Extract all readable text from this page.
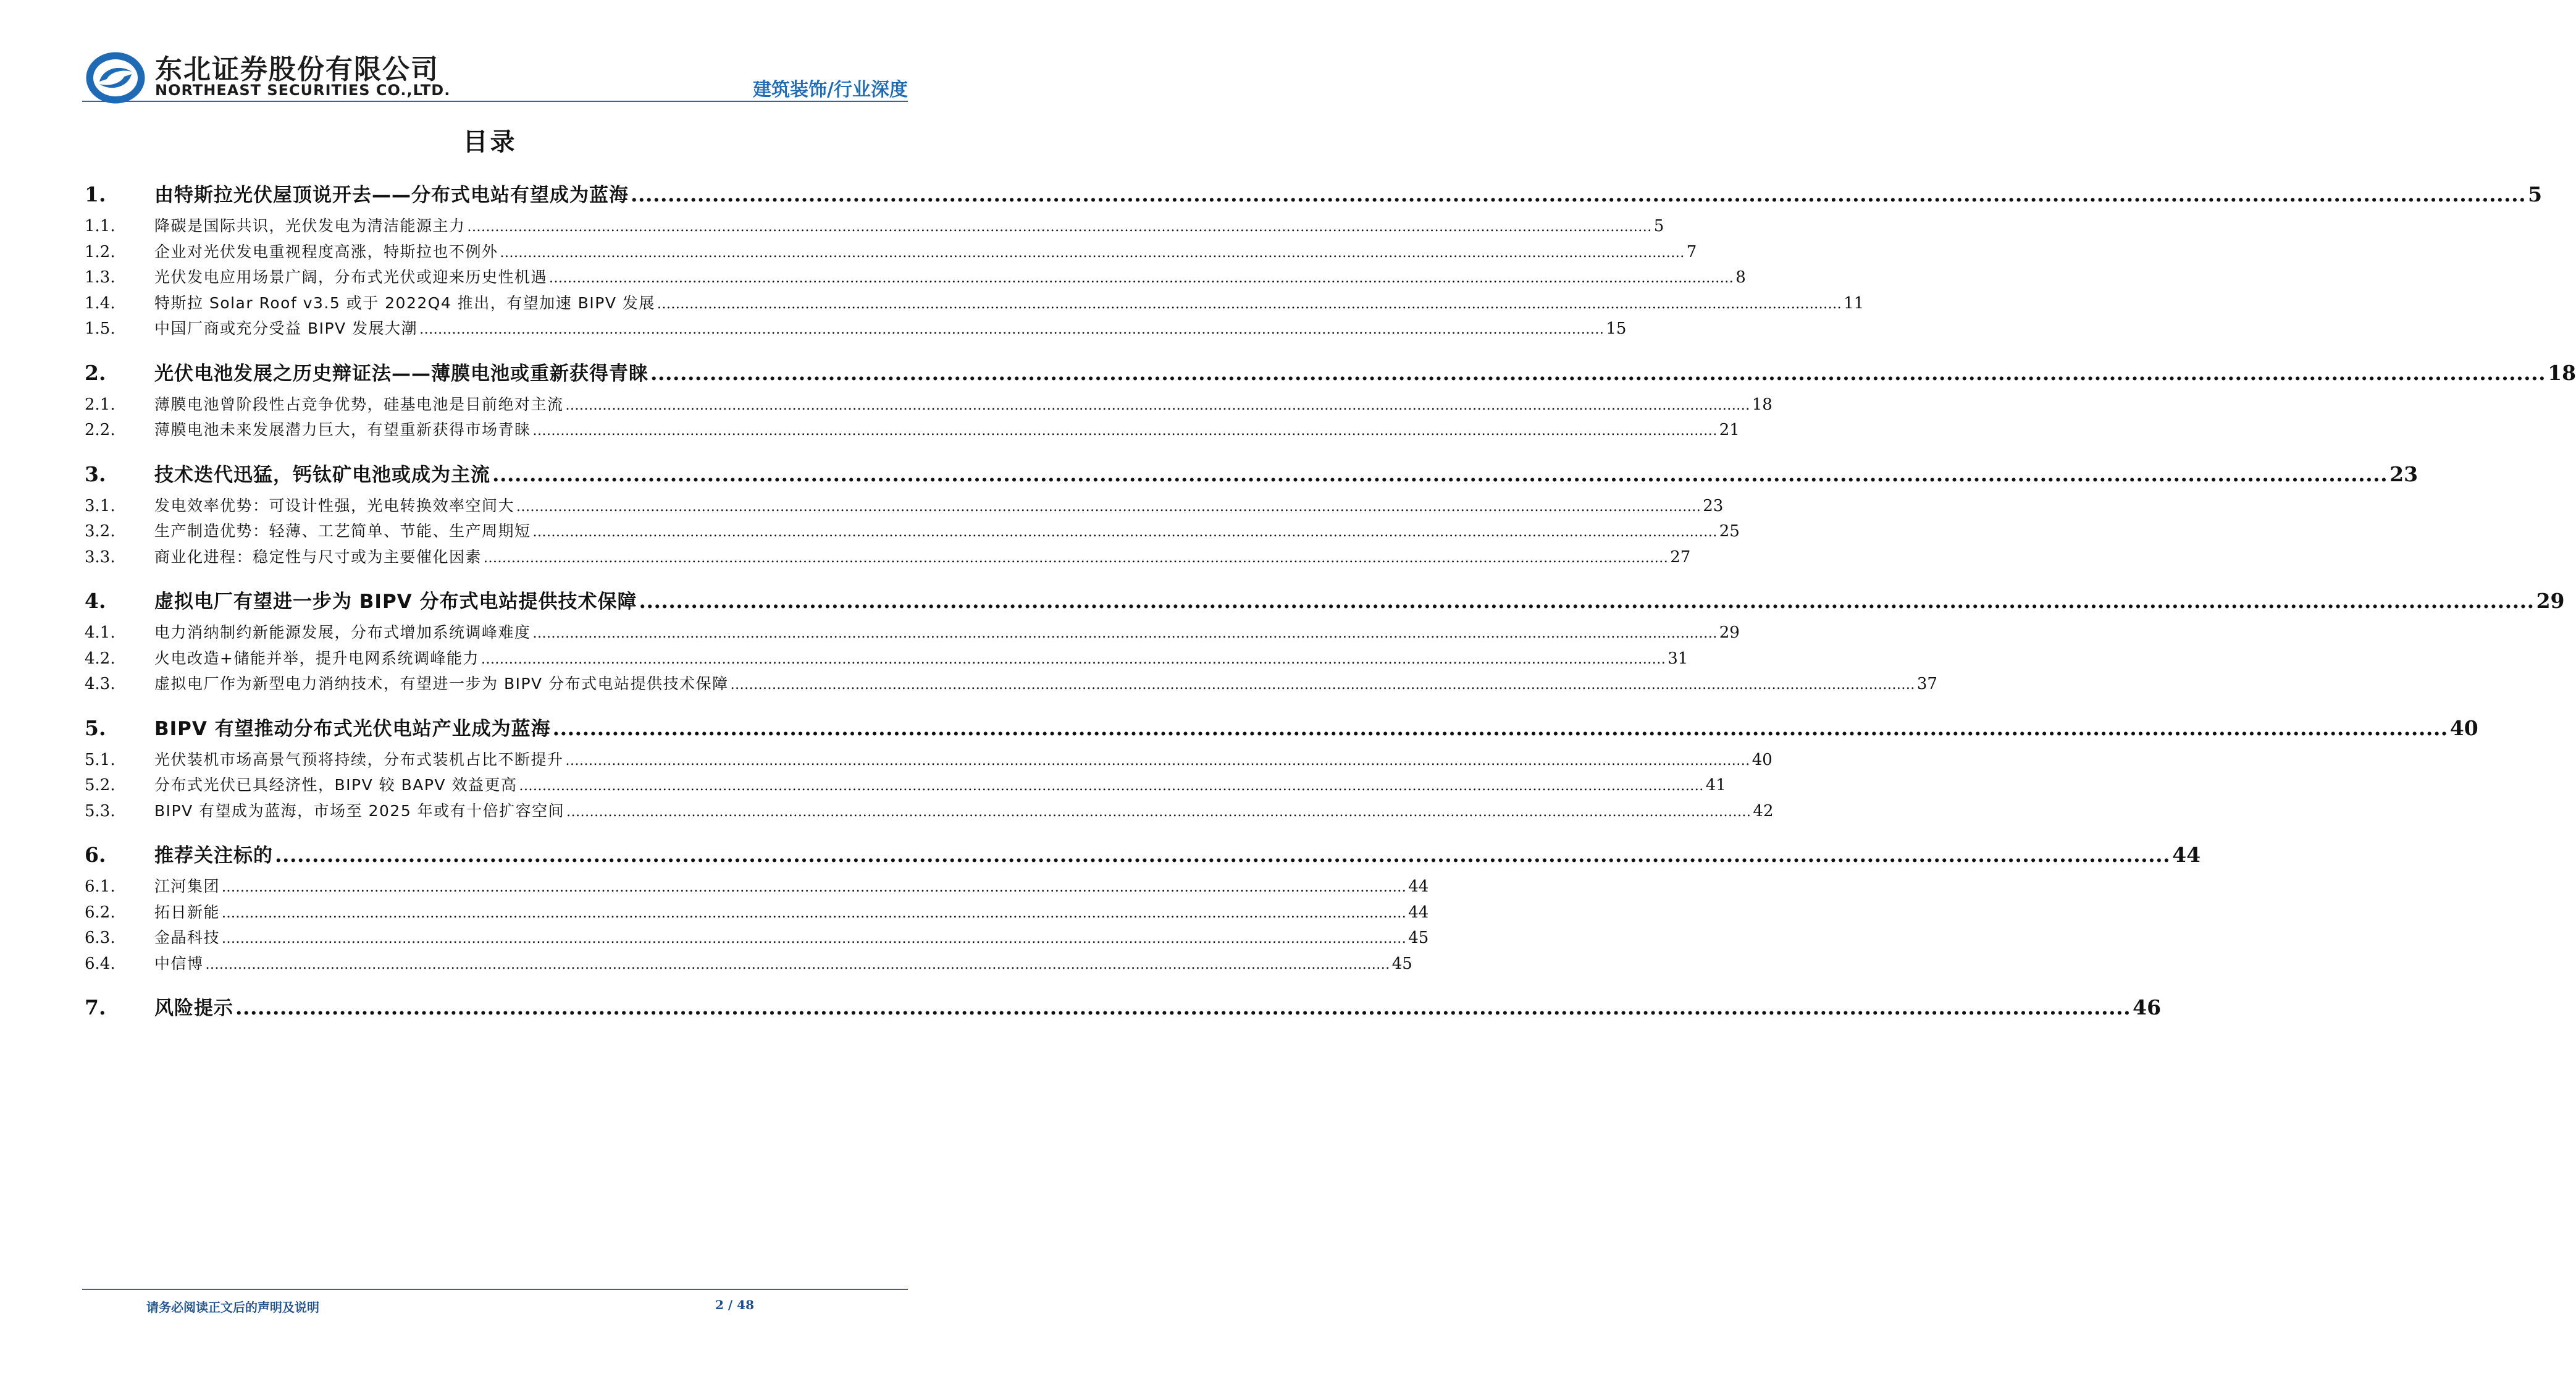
东北证券股份有限公司
NORTHEAST SECURITIES CO.,LTD.	建筑装饰/行业深度
目录
1.	由特斯拉光伏屋顶说开去——分布式电站有望成为蓝海 .....	5
1.1.	降碳是国际共识，光伏发电为清洁能源主力 .....	5
1.2.	企业对光伏发电重视程度高涨，特斯拉也不例外 .....	7
1.3.	光伏发电应用场景广阔，分布式光伏或迎来历史性机遇 .....	8
1.4.	特斯拉 Solar Roof v3.5 或于 2022Q4 推出，有望加速 BIPV 发展 .....	11
1.5.	中国厂商或充分受益 BIPV 发展大潮 .....	15
2.	光伏电池发展之历史辩证法——薄膜电池或重新获得青睐 .....	18
2.1.	薄膜电池曾阶段性占竞争优势，硅基电池是目前绝对主流 .....	18
2.2.	薄膜电池未来发展潜力巨大，有望重新获得市场青睐 .....	21
3.	技术迭代迅猛，钙钛矿电池或成为主流 .....	23
3.1.	发电效率优势：可设计性强，光电转换效率空间大 .....	23
3.2.	生产制造优势：轻薄、工艺简单、节能、生产周期短 .....	25
3.3.	商业化进程：稳定性与尺寸或为主要催化因素 .....	27
4.	虚拟电厂有望进一步为 BIPV 分布式电站提供技术保障 .....	29
4.1.	电力消纳制约新能源发展，分布式增加系统调峰难度 .....	29
4.2.	火电改造+储能并举，提升电网系统调峰能力 .....	31
4.3.	虚拟电厂作为新型电力消纳技术，有望进一步为 BIPV 分布式电站提供技术保障 .....	37
5.	BIPV 有望推动分布式光伏电站产业成为蓝海 .....	40
5.1.	光伏装机市场高景气预将持续，分布式装机占比不断提升 .....	40
5.2.	分布式光伏已具经济性，BIPV 较 BAPV 效益更高 .....	41
5.3.	BIPV 有望成为蓝海，市场至 2025 年或有十倍扩容空间 .....	42
6.	推荐关注标的 .....	44
6.1.	江河集团 .....	44
6.2.	拓日新能 .....	44
6.3.	金晶科技 .....	45
6.4.	中信博 .....	45
7.	风险提示 .....	46
请务必阅读正文后的声明及说明	2 / 48
